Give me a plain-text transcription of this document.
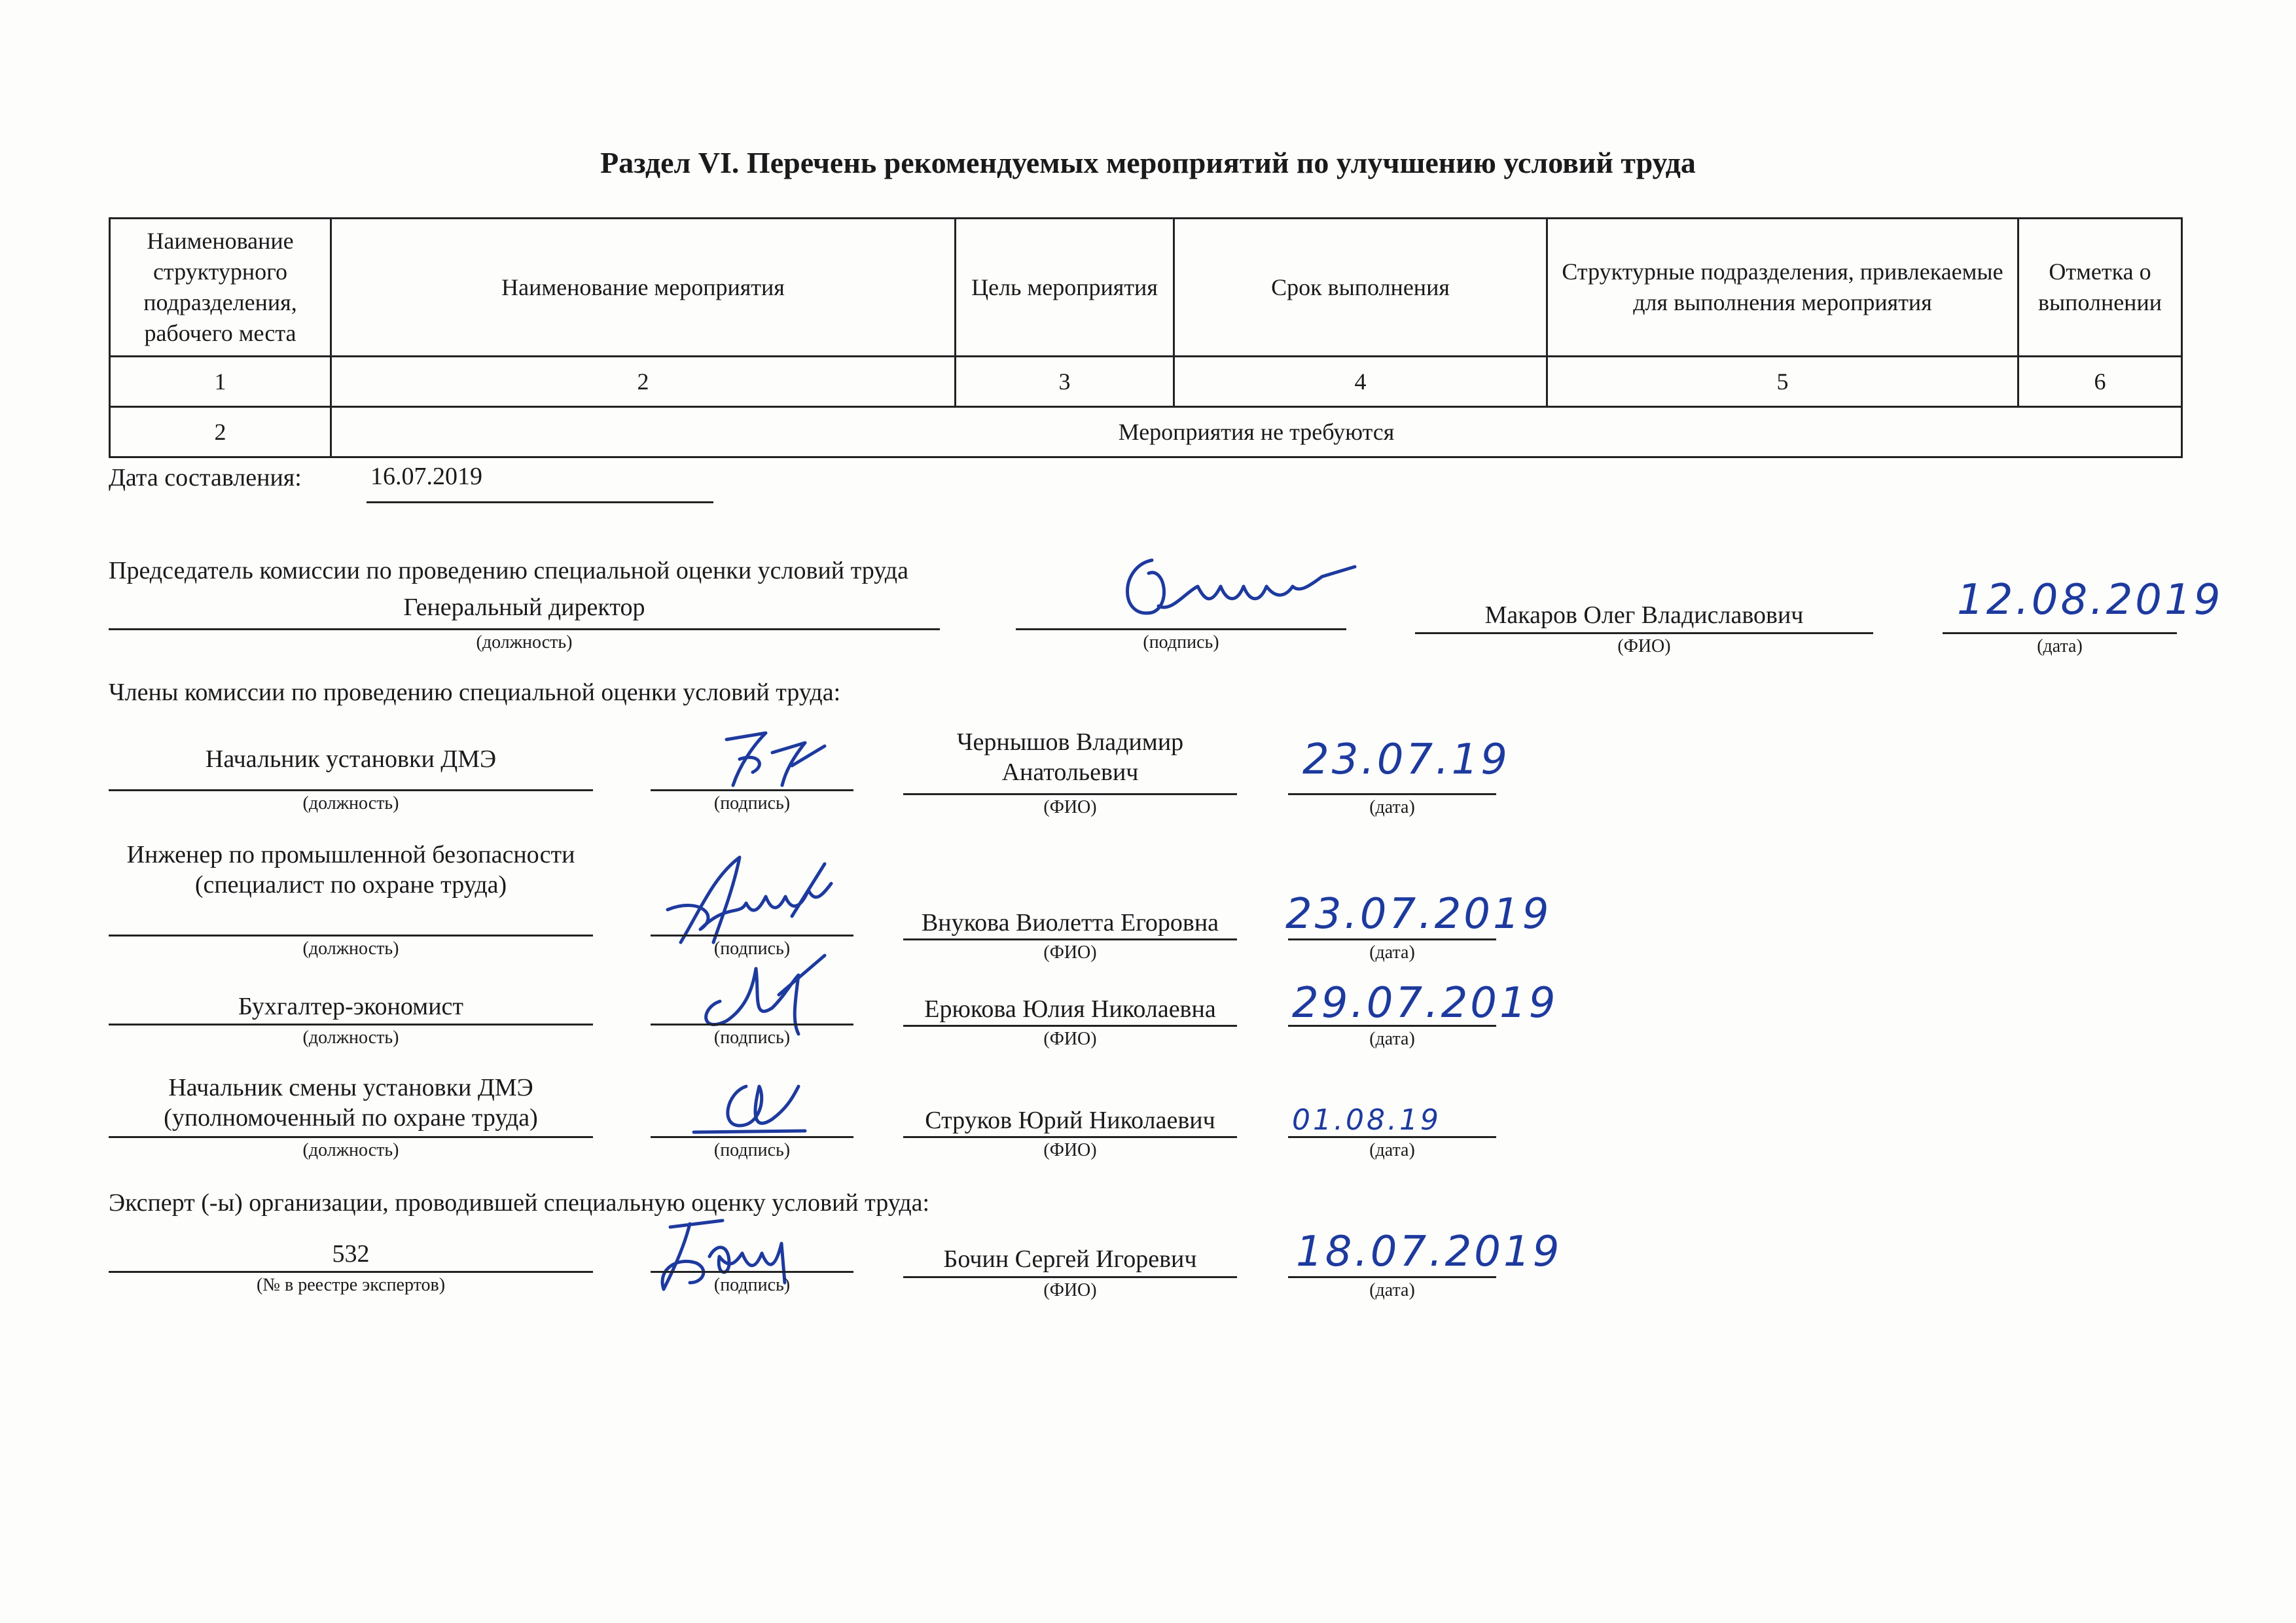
Раздел VI. Перечень рекомендуемых мероприятий по улучшению условий труда
Наименование структурного подразделения, рабочего места	Наименование мероприятия	Цель мероприятия	Срок выполнения	Структурные подразделения, привлекаемые для выполнения мероприятия	Отметка о выполнении
1	2	3	4	5	6
2	Мероприятия не требуются				
Дата составления:	16.07.2019
Председатель комиссии по проведению специальной оценки условий труда
Генеральный директор
(должность)	(подпись)
Макаров Олег Владиславович
(ФИО)
12.08.2019
(дата)
Члены комиссии по проведению специальной оценки условий труда:
Начальник установки ДМЭ
(должность)	(подпись)
Чернышов Владимир Анатольевич
(ФИО)
23.07.19
(дата)
Инженер по промышленной безопасности (специалист по охране труда)
(должность)	(подпись)
Внукова Виолетта Егоровна
(ФИО)
23.07.2019
(дата)
Бухгалтер-экономист
(должность)	(подпись)
Ерюкова Юлия Николаевна
(ФИО)
29.07.2019
(дата)
Начальник смены установки ДМЭ (уполномоченный по охране труда)
(должность)	(подпись)
Струков Юрий Николаевич
(ФИО)
01.08.19
(дата)
Эксперт (-ы) организации, проводившей специальную оценку условий труда:
532
(№ в реестре экспертов)	(подпись)
Бочин Сергей Игоревич
(ФИО)
18.07.2019
(дата)
